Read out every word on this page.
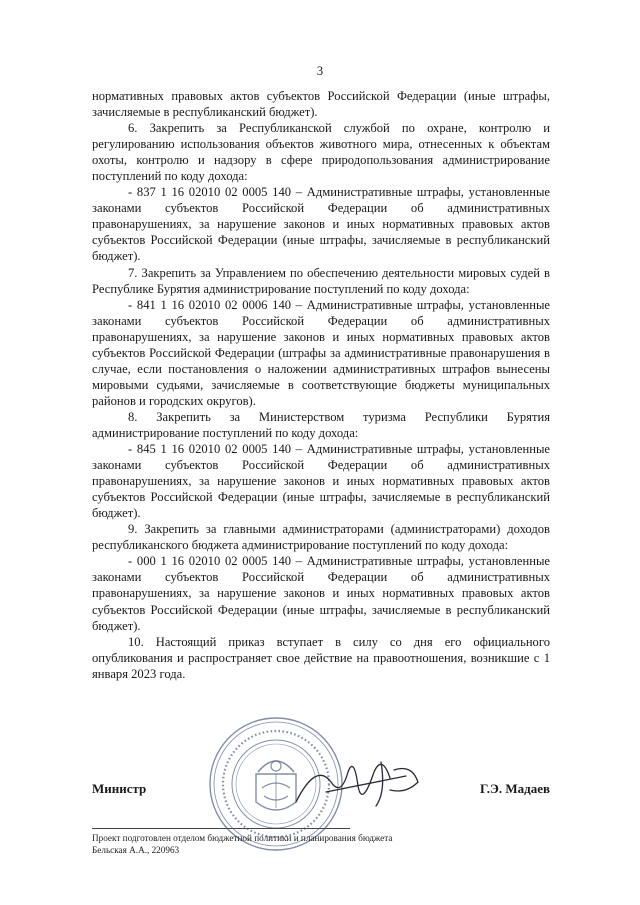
3

нормативных правовых актов субъектов Российской Федерации (иные штрафы, зачисляемые в республиканский бюджет).

6. Закрепить за Республиканской службой по охране, контролю и регулированию использования объектов животного мира, отнесенных к объектам охоты, контролю и надзору в сфере природопользования администрирование поступлений по коду дохода:

- 837 1 16 02010 02 0005 140 – Административные штрафы, установленные законами субъектов Российской Федерации об административных правонарушениях, за нарушение законов и иных нормативных правовых актов субъектов Российской Федерации (иные штрафы, зачисляемые в республиканский бюджет).

7. Закрепить за Управлением по обеспечению деятельности мировых судей в Республике Бурятия администрирование поступлений по коду дохода:

- 841 1 16 02010 02 0006 140 – Административные штрафы, установленные законами субъектов Российской Федерации об административных правонарушениях, за нарушение законов и иных нормативных правовых актов субъектов Российской Федерации (штрафы за административные правонарушения в случае, если постановления о наложении административных штрафов вынесены мировыми судьями, зачисляемые в соответствующие бюджеты муниципальных районов и городских округов).

8. Закрепить за Министерством туризма Республики Бурятия администрирование поступлений по коду дохода:

- 845 1 16 02010 02 0005 140 – Административные штрафы, установленные законами субъектов Российской Федерации об административных правонарушениях, за нарушение законов и иных нормативных правовых актов субъектов Российской Федерации (иные штрафы, зачисляемые в республиканский бюджет).

9. Закрепить за главными администраторами (администраторами) доходов республиканского бюджета администрирование поступлений по коду дохода:

- 000 1 16 02010 02 0005 140 – Административные штрафы, установленные законами субъектов Российской Федерации об административных правонарушениях, за нарушение законов и иных нормативных правовых актов субъектов Российской Федерации (иные штрафы, зачисляемые в республиканский бюджет).

10. Настоящий приказ вступает в силу со дня его официального опубликования и распространяет свое действие на правоотношения, возникшие с 1 января 2023 года.

Министр	Г.Э. Мадаев
Проект подготовлен отделом бюджетной политики и планирования бюджета
Бельская А.А., 220963
